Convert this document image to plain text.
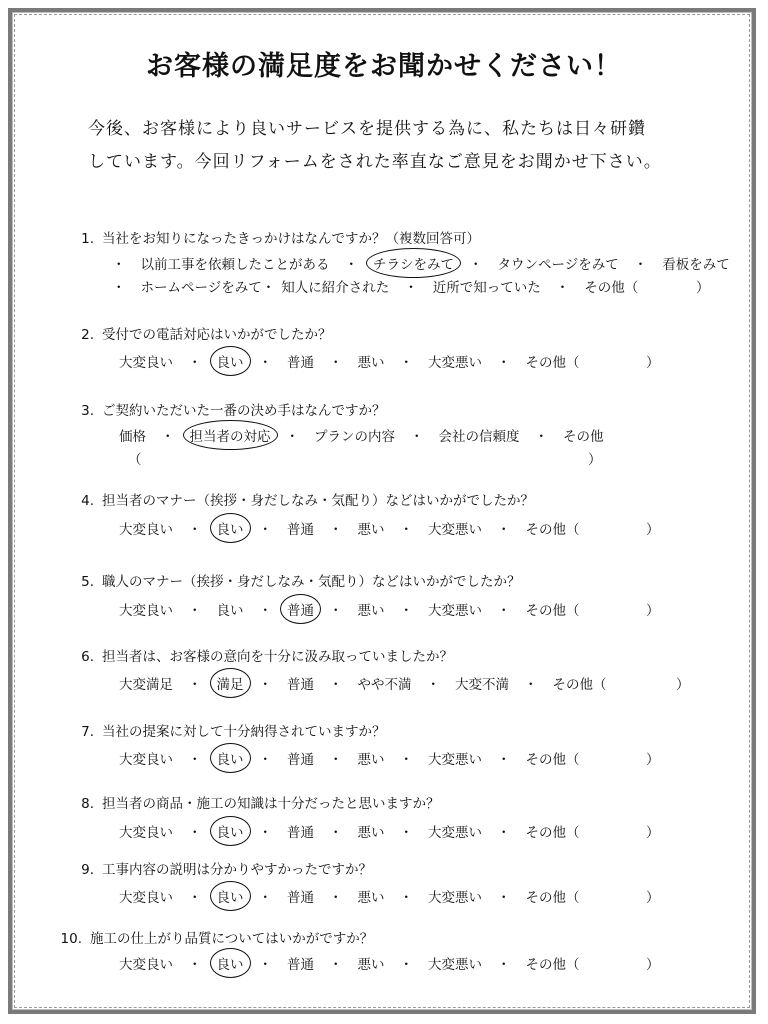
お客様の満足度をお聞かせください！
今後、お客様により良いサービスを提供する為に、私たちは日々研鑽
しています。今回リフォームをされた率直なご意見をお聞かせ下さい。
1. 当社をお知りになったきっかけはなんですか？（複数回答可）
・ 以前工事を依頼したことがある ・ チラシをみて ・ タウンページをみて ・ 看板をみて
・ ホームページをみて・ 知人に紹介された ・ 近所で知っていた ・ その他（	）
2. 受付での電話対応はいかがでしたか？
大変良い ・ 良い ・ 普通 ・ 悪い ・ 大変悪い ・ その他（	）
3. ご契約いただいた一番の決め手はなんですか？
価格 ・ 担当者の対応 ・ プランの内容 ・ 会社の信頼度 ・ その他
（	）
4. 担当者のマナー（挨拶・身だしなみ・気配り）などはいかがでしたか？
大変良い ・ 良い ・ 普通 ・ 悪い ・ 大変悪い ・ その他（	）
5. 職人のマナー（挨拶・身だしなみ・気配り）などはいかがでしたか？
大変良い ・ 良い ・ 普通 ・ 悪い ・ 大変悪い ・ その他（	）
6. 担当者は、お客様の意向を十分に汲み取っていましたか？
大変満足 ・ 満足 ・ 普通 ・ やや不満 ・ 大変不満 ・ その他（	）
7. 当社の提案に対して十分納得されていますか？
大変良い ・ 良い ・ 普通 ・ 悪い ・ 大変悪い ・ その他（	）
8. 担当者の商品・施工の知識は十分だったと思いますか？
大変良い ・ 良い ・ 普通 ・ 悪い ・ 大変悪い ・ その他（	）
9. 工事内容の説明は分かりやすかったですか？
大変良い ・ 良い ・ 普通 ・ 悪い ・ 大変悪い ・ その他（	）
10. 施工の仕上がり品質についてはいかがですか？
大変良い ・ 良い ・ 普通 ・ 悪い ・ 大変悪い ・ その他（	）
